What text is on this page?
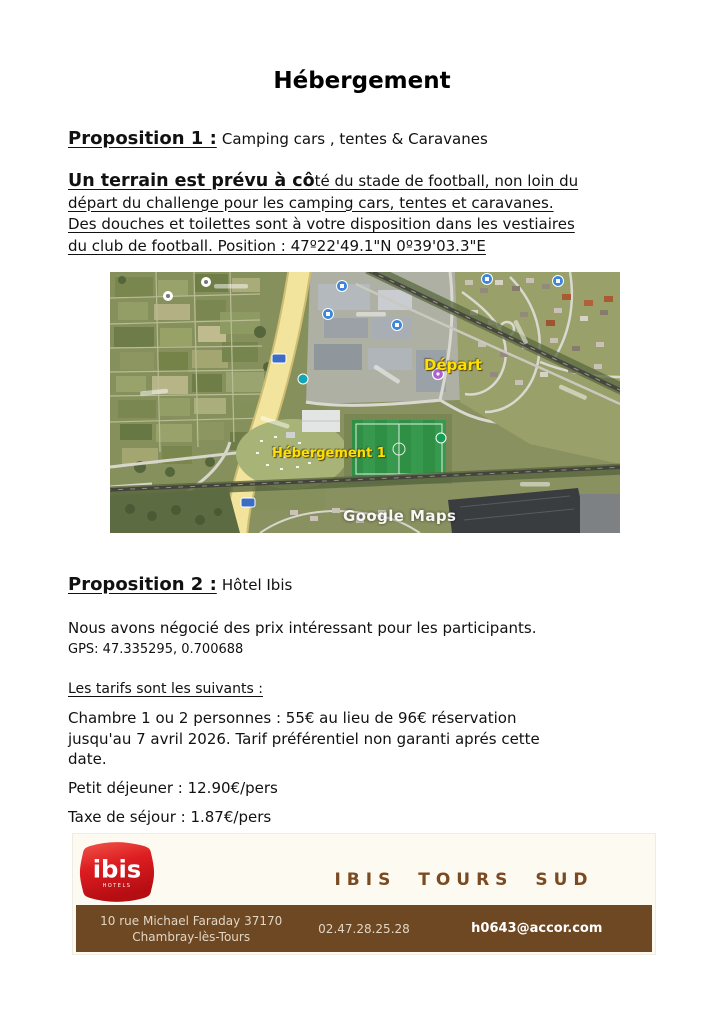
Hébergement
Proposition 1 : Camping cars , tentes & Caravanes
Un terrain est prévu à côté du stade de football, non loin du
départ du challenge pour les camping cars, tentes et caravanes.
Des douches et toilettes sont à votre disposition dans les vestiaires
du club de football. Position : 47º22'49.1"N 0º39'03.3"E
Départ
Hébergement 1
Google Maps
Proposition 2 : Hôtel Ibis
Nous avons négocié des prix intéressant pour les participants.
GPS: 47.335295, 0.700688
Les tarifs sont les suivants :
Chambre 1 ou 2 personnes : 55€ au lieu de 96€ réservation
jusqu'au 7 avril 2026. Tarif préférentiel non garanti aprés cette
date.
Petit déjeuner : 12.90€/pers
Taxe de séjour : 1.87€/pers
ibis
HOTELS	IBIS TOURS SUD
10 rue Michael Faraday 37170
Chambray-lès-Tours
02.47.28.25.28	h0643@accor.com
